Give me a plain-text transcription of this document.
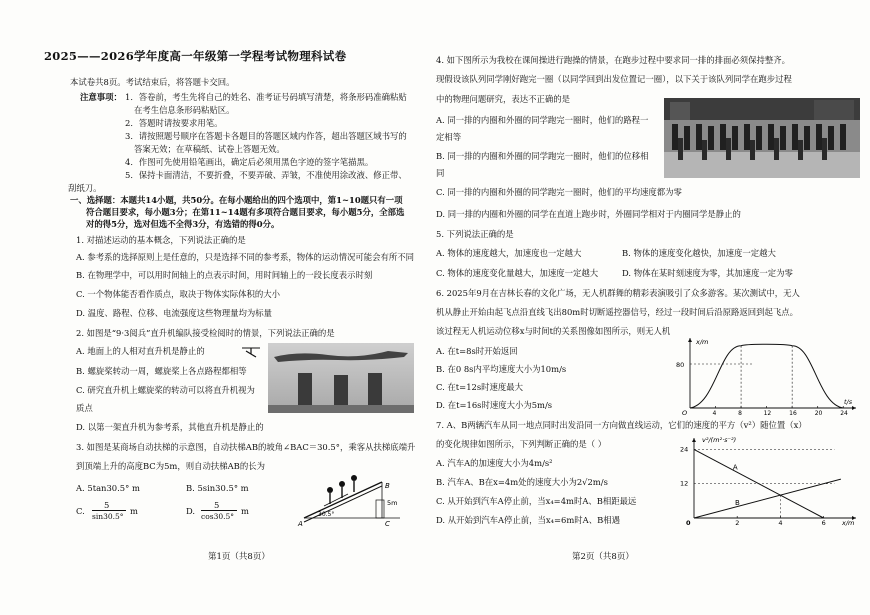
2025——2026学年度高一年级第一学程考试物理科试卷
本试卷共8页。考试结束后，将答题卡交回。
注意事项： 1．答卷前，考生先将自己的姓名、准考证号码填写清楚，将条形码准确粘贴
在考生信息条形码粘贴区。
2．答题时请按要求用笔。
3．请按照题号顺序在答题卡各题目的答题区域内作答，超出答题区域书写的
答案无效；在草稿纸、试卷上答题无效。
4．作图可先使用铅笔画出，确定后必须用黑色字迹的签字笔描黑。
5．保持卡面清洁，不要折叠，不要弄破、弄皱，不准使用涂改液、修正带、
刮纸刀。
一、选择题：本题共14小题，共50分。在每小题给出的四个选项中，第1~10题只有一项
符合题目要求，每小题3分；在第11~14题有多项符合题目要求，每小题5分，全部选
对的得5分，选对但选不全得3分，有选错的得0分。
1. 对描述运动的基本概念，下列说法正确的是
A. 参考系的选择原则上是任意的，只是选择不同的参考系，物体的运动情况可能会有所不同
B. 在物理学中，可以用时间轴上的点表示时间，用时间轴上的一段长度表示时刻
C. 一个物体能否看作质点，取决于物体实际体积的大小
D. 温度、路程、位移、电流强度这些物理量均为标量
2. 如图是“9·3阅兵”直升机编队接受检阅时的情景，下列说法正确的是
A. 地面上的人相对直升机是静止的
B. 螺旋桨转动一周，螺旋桨上各点路程都相等
C. 研究直升机上螺旋桨的转动可以将直升机视为
质点
D. 以第一架直升机为参考系，其他直升机是静止的
3. 如图是某商场自动扶梯的示意图，自动扶梯AB的坡角∠BAC＝30.5°，乘客从扶梯底端升
到顶端上升的高度BC为5m，则自动扶梯AB的长为
A. 5tan30.5° m	B. 5sin30.5° m
C.
5
sin30.5°
m	D.
5
cos30.5°
m
A
B
C
30.5°
5m
第1页（共8页）
4. 如下图所示为我校在课间操进行跑操的情景，在跑步过程中要求同一排的排面必须保持整齐。
现假设该队列同学刚好跑完一圈（以同学回到出发位置记一圈），以下关于该队列同学在跑步过程
中的物理问题研究，表达不正确的是
A. 同一排的内圈和外圈的同学跑完一圈时，他们的路程一
定相等
B. 同一排的内圈和外圈的同学跑完一圈时，他们的位移相
同
C. 同一排的内圈和外圈的同学跑完一圈时，他们的平均速度都为零
D. 同一排的内圈和外圈的同学在直道上跑步时，外圈同学相对于内圈同学是静止的
5. 下列说法正确的是
A. 物体的速度越大，加速度也一定越大	B. 物体的速度变化越快，加速度一定越大
C. 物体的速度变化量越大，加速度一定越大	D. 物体在某时刻速度为零，其加速度一定为零
6. 2025年9月在吉林长春的文化广场，无人机群舞的精彩表演吸引了众多游客。某次测试中，无人
机从静止开始由起飞点沿直线飞出80m时切断遥控器信号，经过一段时间后沿原路返回到起飞点。
该过程无人机运动位移x与时间t的关系图像如图所示，则无人机
A. 在t=8s时开始返回
B. 在0 8s内平均速度大小为10m/s
C. 在t=12s时速度最大
D. 在t=16s时速度大小为5m/s
80
x/m
t/s
O	4	8	12	16	20	24
7. A、B两辆汽车从同一地点同时出发沿同一方向做直线运动，它们的速度的平方（v²）随位置（x）
的变化规律如图所示，下列判断正确的是（ ）
A. 汽车A的加速度大小为4m/s²
B. 汽车A、B在x=4m处的速度大小为2√2m/s
C. 从开始到汽车A停止前，当x₄=4m时A、B相距最远
D. 从开始到汽车A停止前，当x₄=6m时A、B相遇
v²/(m²·s⁻²)
x/m
0	2	4	6
24
12
A
B
第2页（共8页）
